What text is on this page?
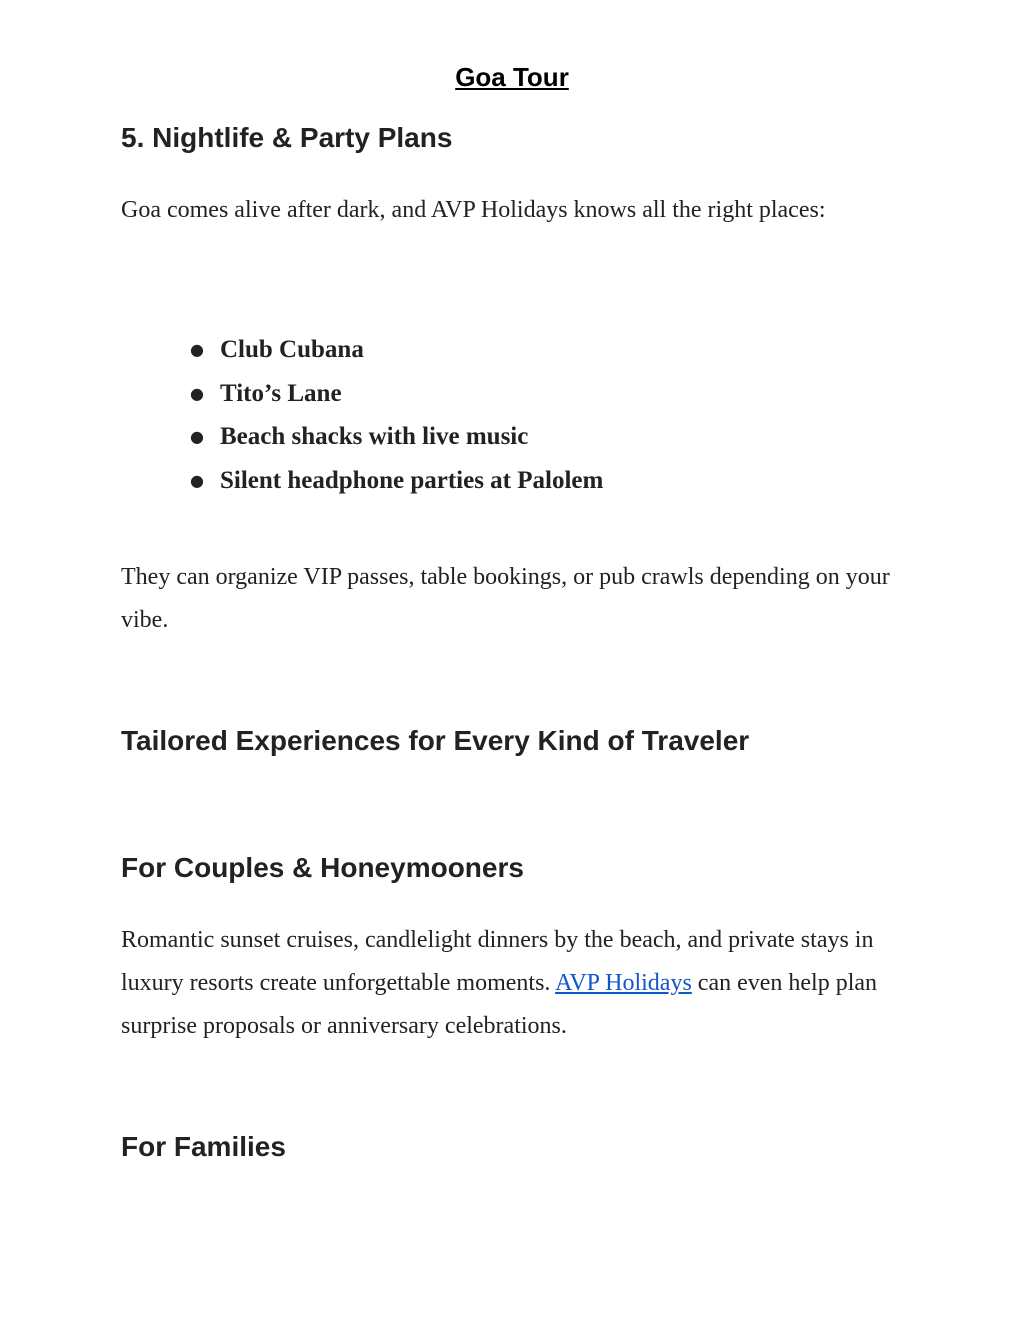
Goa Tour
5. Nightlife & Party Plans

Goa comes alive after dark, and AVP Holidays knows all the right places:

● Club Cubana
● Tito’s Lane
● Beach shacks with live music
● Silent headphone parties at Palolem

They can organize VIP passes, table bookings, or pub crawls depending on your vibe.

Tailored Experiences for Every Kind of Traveler
For Couples & Honeymooners

Romantic sunset cruises, candlelight dinners by the beach, and private stays in luxury resorts create unforgettable moments. AVP Holidays can even help plan surprise proposals or anniversary celebrations.

For Families
